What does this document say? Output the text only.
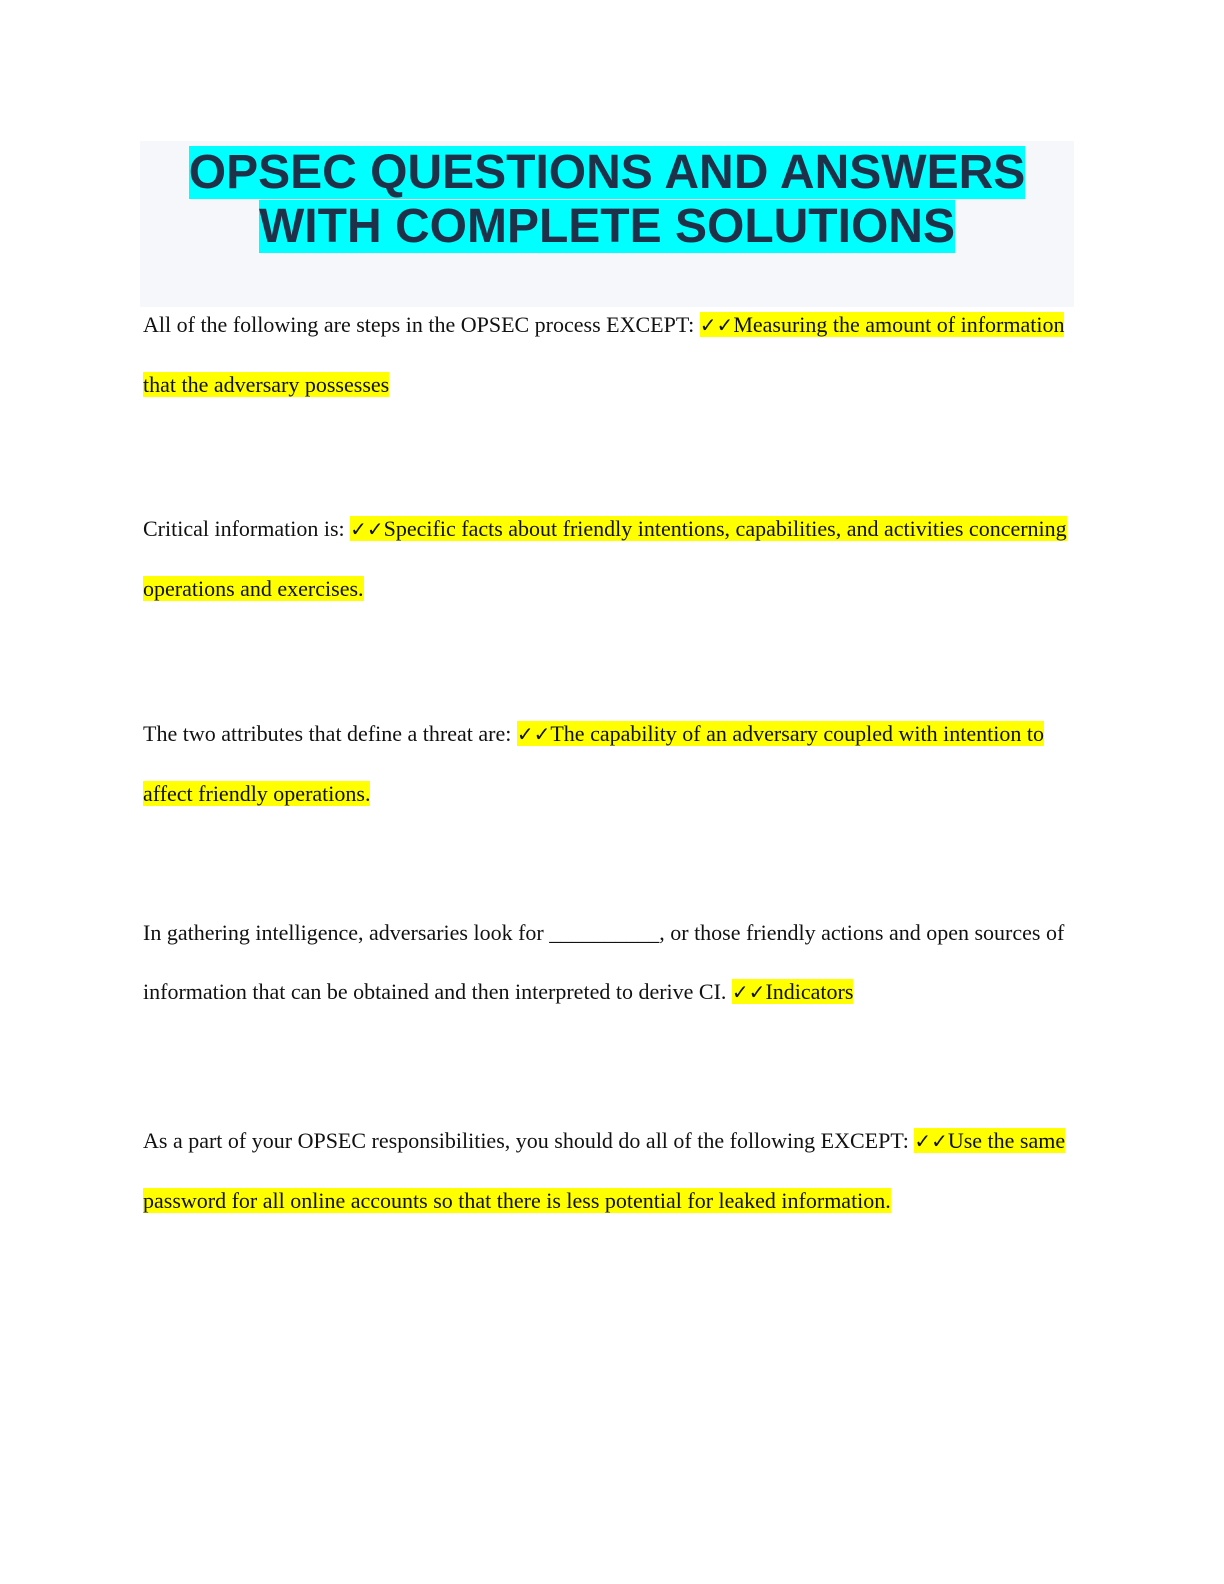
OPSEC QUESTIONS AND ANSWERS
WITH COMPLETE SOLUTIONS

All of the following are steps in the OPSEC process EXCEPT: ✓✓Measuring the amount of information that the adversary possesses

Critical information is: ✓✓Specific facts about friendly intentions, capabilities, and activities concerning operations and exercises.

The two attributes that define a threat are: ✓✓The capability of an adversary coupled with intention to affect friendly operations.

In gathering intelligence, adversaries look for __________, or those friendly actions and open sources of information that can be obtained and then interpreted to derive CI. ✓✓Indicators

As a part of your OPSEC responsibilities, you should do all of the following EXCEPT: ✓✓Use the same password for all online accounts so that there is less potential for leaked information.
